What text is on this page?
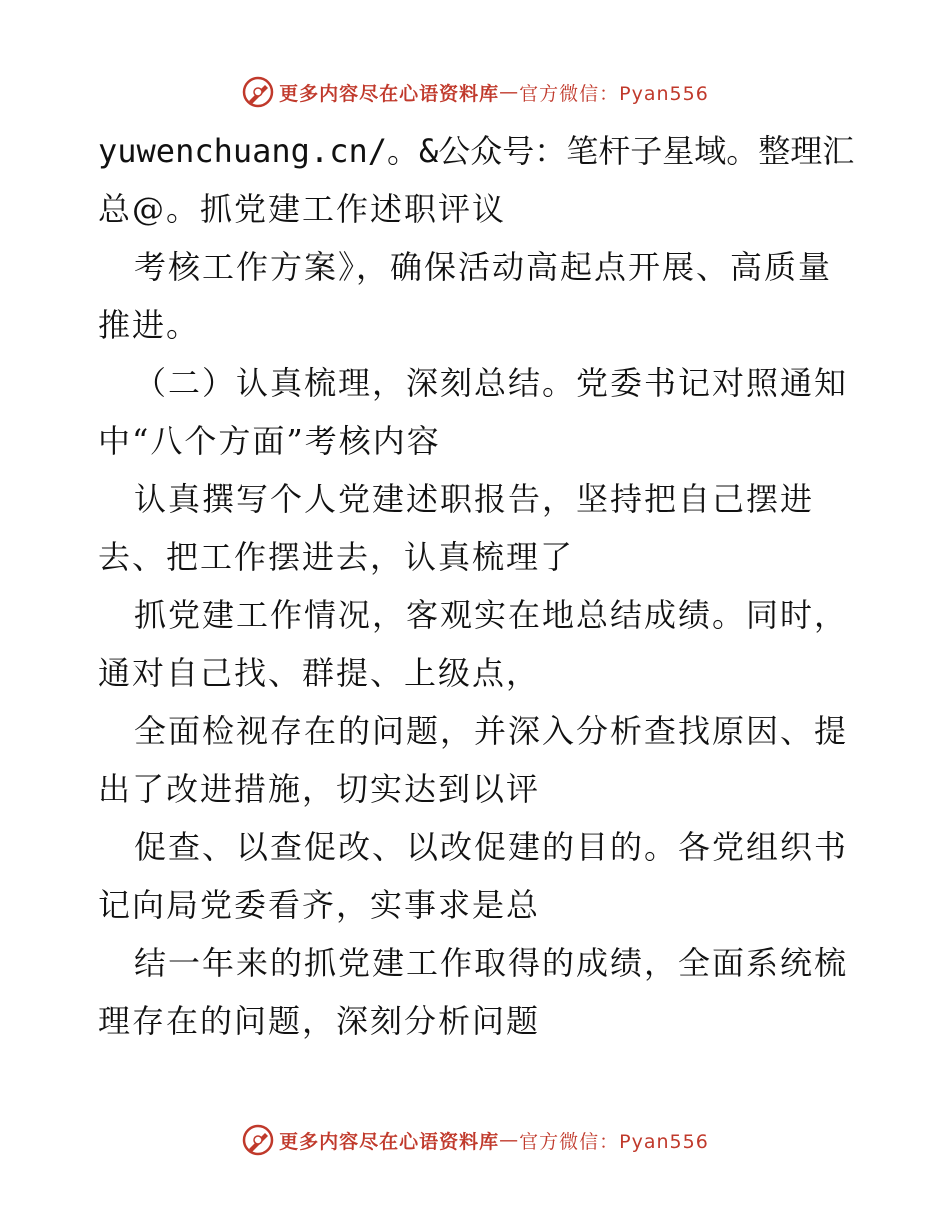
更多内容尽在心语资料库 — 官方微信：Pyan556
yuwenchuang.cn/。&公众号：笔杆子星域。整理汇
总@。抓党建工作述职评议
考核工作方案》，确保活动高起点开展、高质量
推进。
（二）认真梳理，深刻总结。党委书记对照通知
中“八个方面”考核内容
认真撰写个人党建述职报告，坚持把自己摆进
去、把工作摆进去，认真梳理了
抓党建工作情况，客观实在地总结成绩。同时，
通对自己找、群提、上级点，
全面检视存在的问题，并深入分析查找原因、提
出了改进措施，切实达到以评
促查、以查促改、以改促建的目的。各党组织书
记向局党委看齐，实事求是总
结一年来的抓党建工作取得的成绩，全面系统梳
理存在的问题，深刻分析问题
更多内容尽在心语资料库 — 官方微信：Pyan556
